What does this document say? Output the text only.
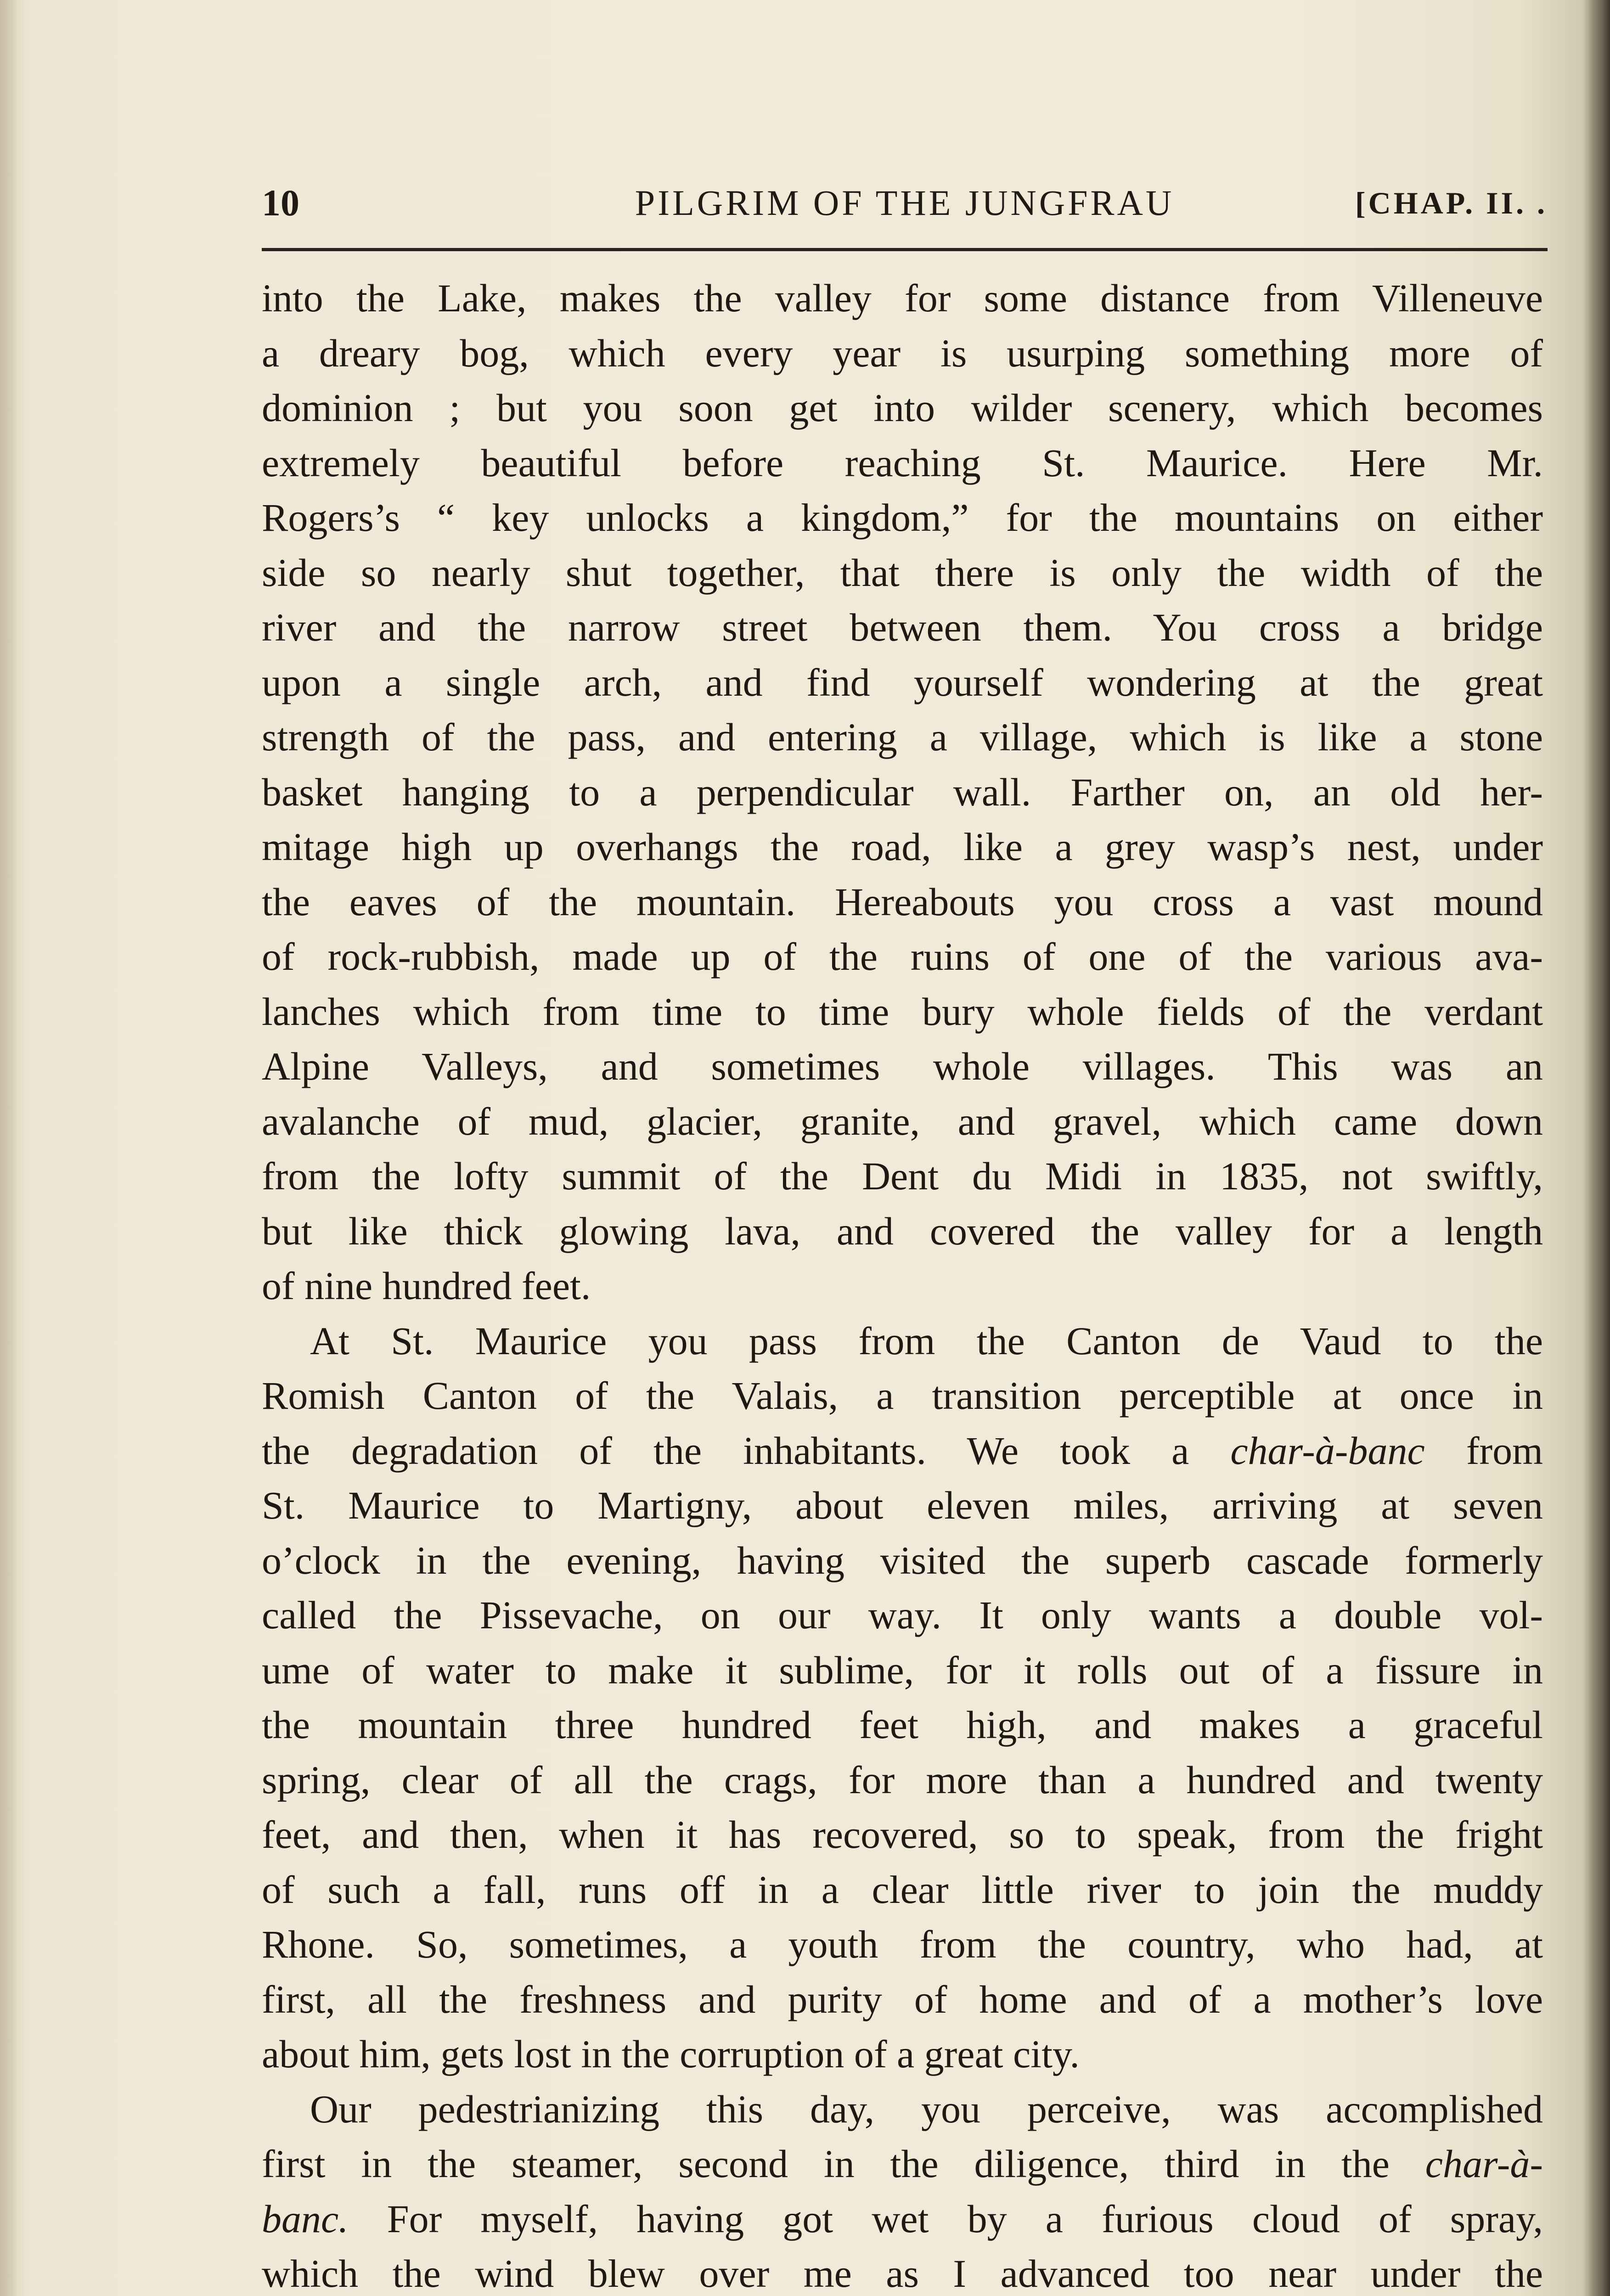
10	PILGRIM OF THE JUNGFRAU	[CHAP. II. .
into the Lake, makes the valley for some distance from Villeneuve
a dreary bog, which every year is usurping something more of
dominion ; but you soon get into wilder scenery, which becomes
extremely beautiful before reaching St. Maurice. Here Mr.
Rogers’s “ key unlocks a kingdom,” for the mountains on either
side so nearly shut together, that there is only the width of the
river and the narrow street between them. You cross a bridge
upon a single arch, and find yourself wondering at the great
strength of the pass, and entering a village, which is like a stone
basket hanging to a perpendicular wall. Farther on, an old her-
mitage high up overhangs the road, like a grey wasp’s nest, under
the eaves of the mountain. Hereabouts you cross a vast mound
of rock-rubbish, made up of the ruins of one of the various ava-
lanches which from time to time bury whole fields of the verdant
Alpine Valleys, and sometimes whole villages. This was an
avalanche of mud, glacier, granite, and gravel, which came down
from the lofty summit of the Dent du Midi in 1835, not swiftly,
but like thick glowing lava, and covered the valley for a length
of nine hundred feet.
At St. Maurice you pass from the Canton de Vaud to the
Romish Canton of the Valais, a transition perceptible at once in
the degradation of the inhabitants. We took a char-à-banc from
St. Maurice to Martigny, about eleven miles, arriving at seven
o’clock in the evening, having visited the superb cascade formerly
called the Pissevache, on our way. It only wants a double vol-
ume of water to make it sublime, for it rolls out of a fissure in
the mountain three hundred feet high, and makes a graceful
spring, clear of all the crags, for more than a hundred and twenty
feet, and then, when it has recovered, so to speak, from the fright
of such a fall, runs off in a clear little river to join the muddy
Rhone. So, sometimes, a youth from the country, who had, at
first, all the freshness and purity of home and of a mother’s love
about him, gets lost in the corruption of a great city.
Our pedestrianizing this day, you perceive, was accomplished
first in the steamer, second in the diligence, third in the char-à-
banc. For myself, having got wet by a furious cloud of spray,
which the wind blew over me as I advanced too near under the
